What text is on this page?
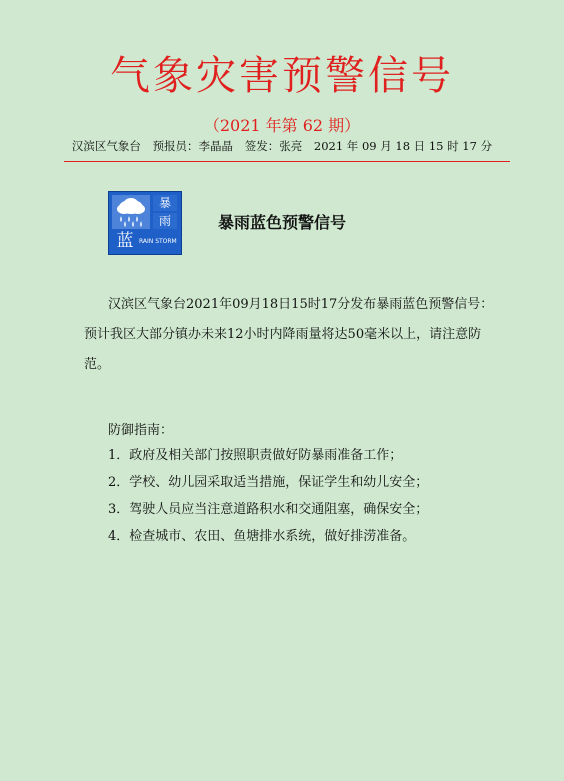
气象灾害预警信号
（2021 年第 62 期）
汉滨区气象台 预报员：李晶晶 签发：张亮 2021 年 09 月 18 日 15 时 17 分
暴
雨
蓝 RAIN STORM
暴雨蓝色预警信号
汉滨区气象台2021年09月18日15时17分发布暴雨蓝色预警信号：预计我区大部分镇办未来12小时内降雨量将达50毫米以上，请注意防范。
防御指南：
1．政府及相关部门按照职责做好防暴雨准备工作；
2．学校、幼儿园采取适当措施，保证学生和幼儿安全；
3．驾驶人员应当注意道路积水和交通阻塞，确保安全；
4．检查城市、农田、鱼塘排水系统，做好排涝准备。
